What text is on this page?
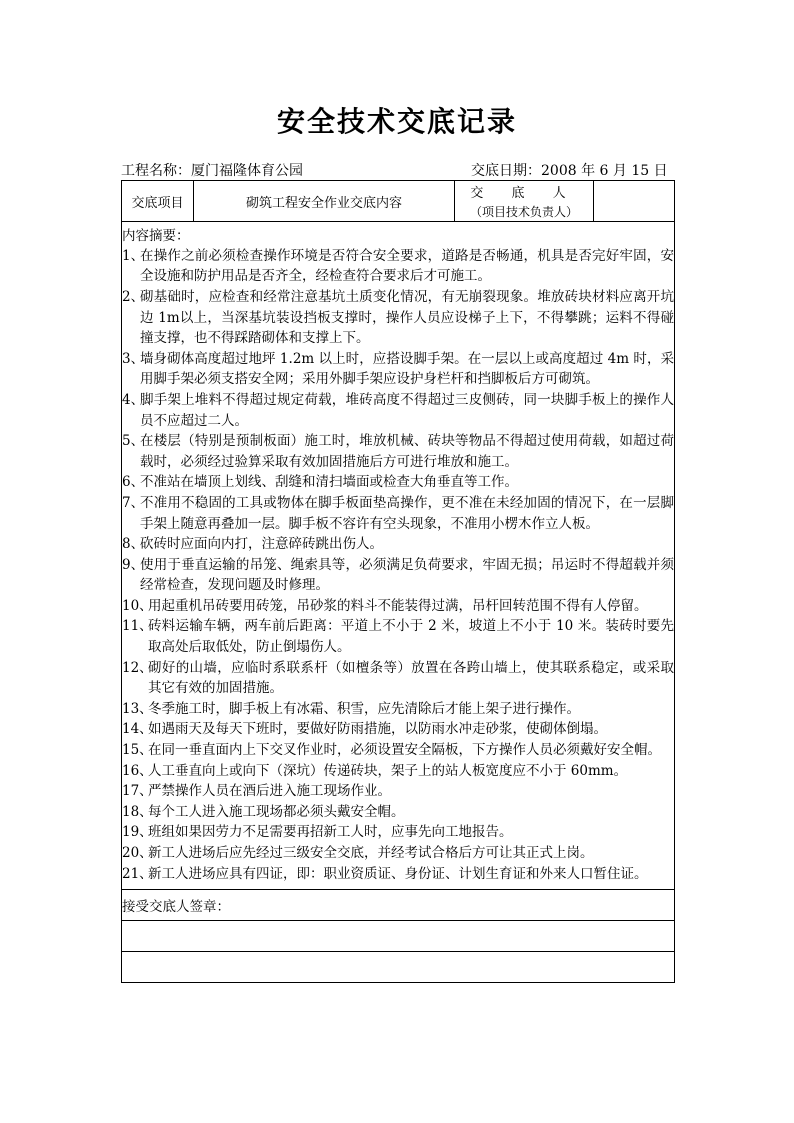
安全技术交底记录
工程名称：厦门福隆体育公园	交底日期：2008 年 6 月 15 日
交底项目	砌筑工程安全作业交底内容	交 底 人
（项目技术负责人）

内容摘要：
1、
在操作之前必须检查操作环境是否符合安全要求，道路是否畅通，机具是否完好牢固，安全设施和防护用品是否齐全，经检查符合要求后才可施工。
2、
砌基础时，应检查和经常注意基坑土质变化情况，有无崩裂现象。堆放砖块材料应离开坑边 1m以上，当深基坑装设挡板支撑时，操作人员应设梯子上下，不得攀跳；运料不得碰撞支撑，也不得踩踏砌体和支撑上下。
3、
墙身砌体高度超过地坪 1.2m 以上时，应搭设脚手架。在一层以上或高度超过 4m 时，采用脚手架必须支搭安全网；采用外脚手架应设护身栏杆和挡脚板后方可砌筑。
4、
脚手架上堆料不得超过规定荷载，堆砖高度不得超过三皮侧砖，同一块脚手板上的操作人员不应超过二人。
5、
在楼层（特别是预制板面）施工时，堆放机械、砖块等物品不得超过使用荷载，如超过荷载时，必须经过验算采取有效加固措施后方可进行堆放和施工。
6、
不准站在墙顶上划线、刮缝和清扫墙面或检查大角垂直等工作。
7、
不准用不稳固的工具或物体在脚手板面垫高操作，更不准在未经加固的情况下，在一层脚手架上随意再叠加一层。脚手板不容许有空头现象，不准用小楞木作立人板。
8、
砍砖时应面向内打，注意碎砖跳出伤人。
9、
使用于垂直运输的吊笼、绳索具等，必须满足负荷要求，牢固无损；吊运时不得超载并须经常检查，发现问题及时修理。
10、
用起重机吊砖要用砖笼，吊砂浆的料斗不能装得过满，吊杆回转范围不得有人停留。
11、
砖料运输车辆，两车前后距离：平道上不小于 2 米，坡道上不小于 10 米。装砖时要先取高处后取低处，防止倒塌伤人。
12、
砌好的山墙，应临时系联系杆（如檀条等）放置在各跨山墙上，使其联系稳定，或采取其它有效的加固措施。
13、
冬季施工时，脚手板上有冰霜、积雪，应先清除后才能上架子进行操作。
14、
如遇雨天及每天下班时，要做好防雨措施，以防雨水冲走砂浆，使砌体倒塌。
15、
在同一垂直面内上下交叉作业时，必须设置安全隔板，下方操作人员必须戴好安全帽。
16、
人工垂直向上或向下（深坑）传递砖块，架子上的站人板宽度应不小于 60mm。
17、
严禁操作人员在酒后进入施工现场作业。
18、
每个工人进入施工现场都必须头戴安全帽。
19、
班组如果因劳力不足需要再招新工人时，应事先向工地报告。
20、
新工人进场后应先经过三级安全交底，并经考试合格后方可让其正式上岗。
21、
新工人进场应具有四证，即：职业资质证、身份证、计划生育证和外来人口暂住证。

接受交底人签章：
